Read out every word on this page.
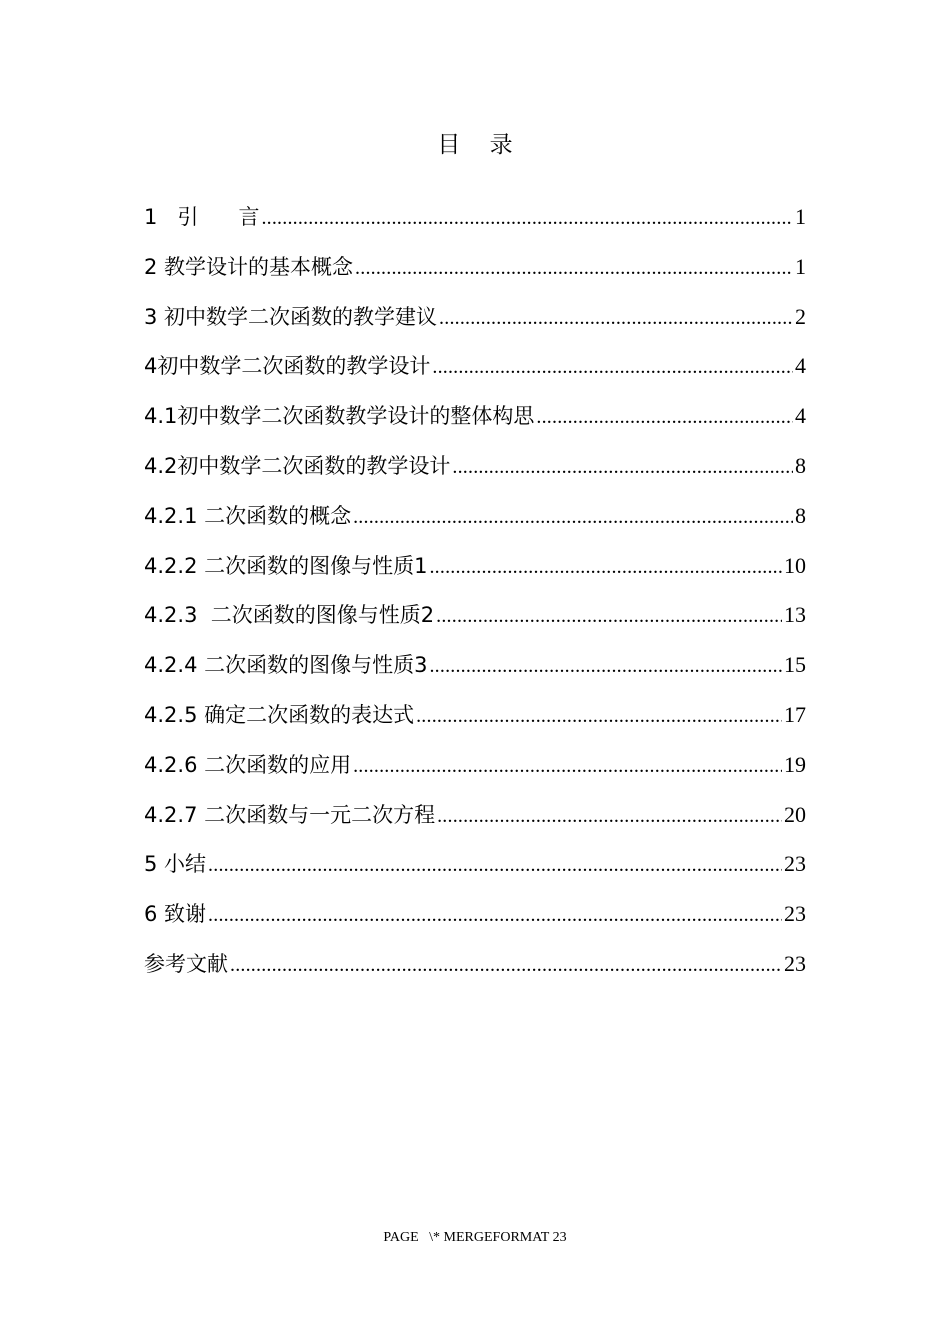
目    录
1   引      言 .....	1
2 教学设计的基本概念 .....	1
3 初中数学二次函数的教学建议 .....	2
4初中数学二次函数的教学设计 .....	4
4.1初中数学二次函数教学设计的整体构思 .....	4
4.2初中数学二次函数的教学设计 .....	8
4.2.1 二次函数的概念 .....	8
4.2.2 二次函数的图像与性质1 .....	10
4.2.3  二次函数的图像与性质2 .....	13
4.2.4 二次函数的图像与性质3 .....	15
4.2.5 确定二次函数的表达式 .....	17
4.2.6 二次函数的应用 .....	19
4.2.7 二次函数与一元二次方程 .....	20
5 小结 .....	23
6 致谢 .....	23
参考文献 .....	23
PAGE   \* MERGEFORMAT 23
